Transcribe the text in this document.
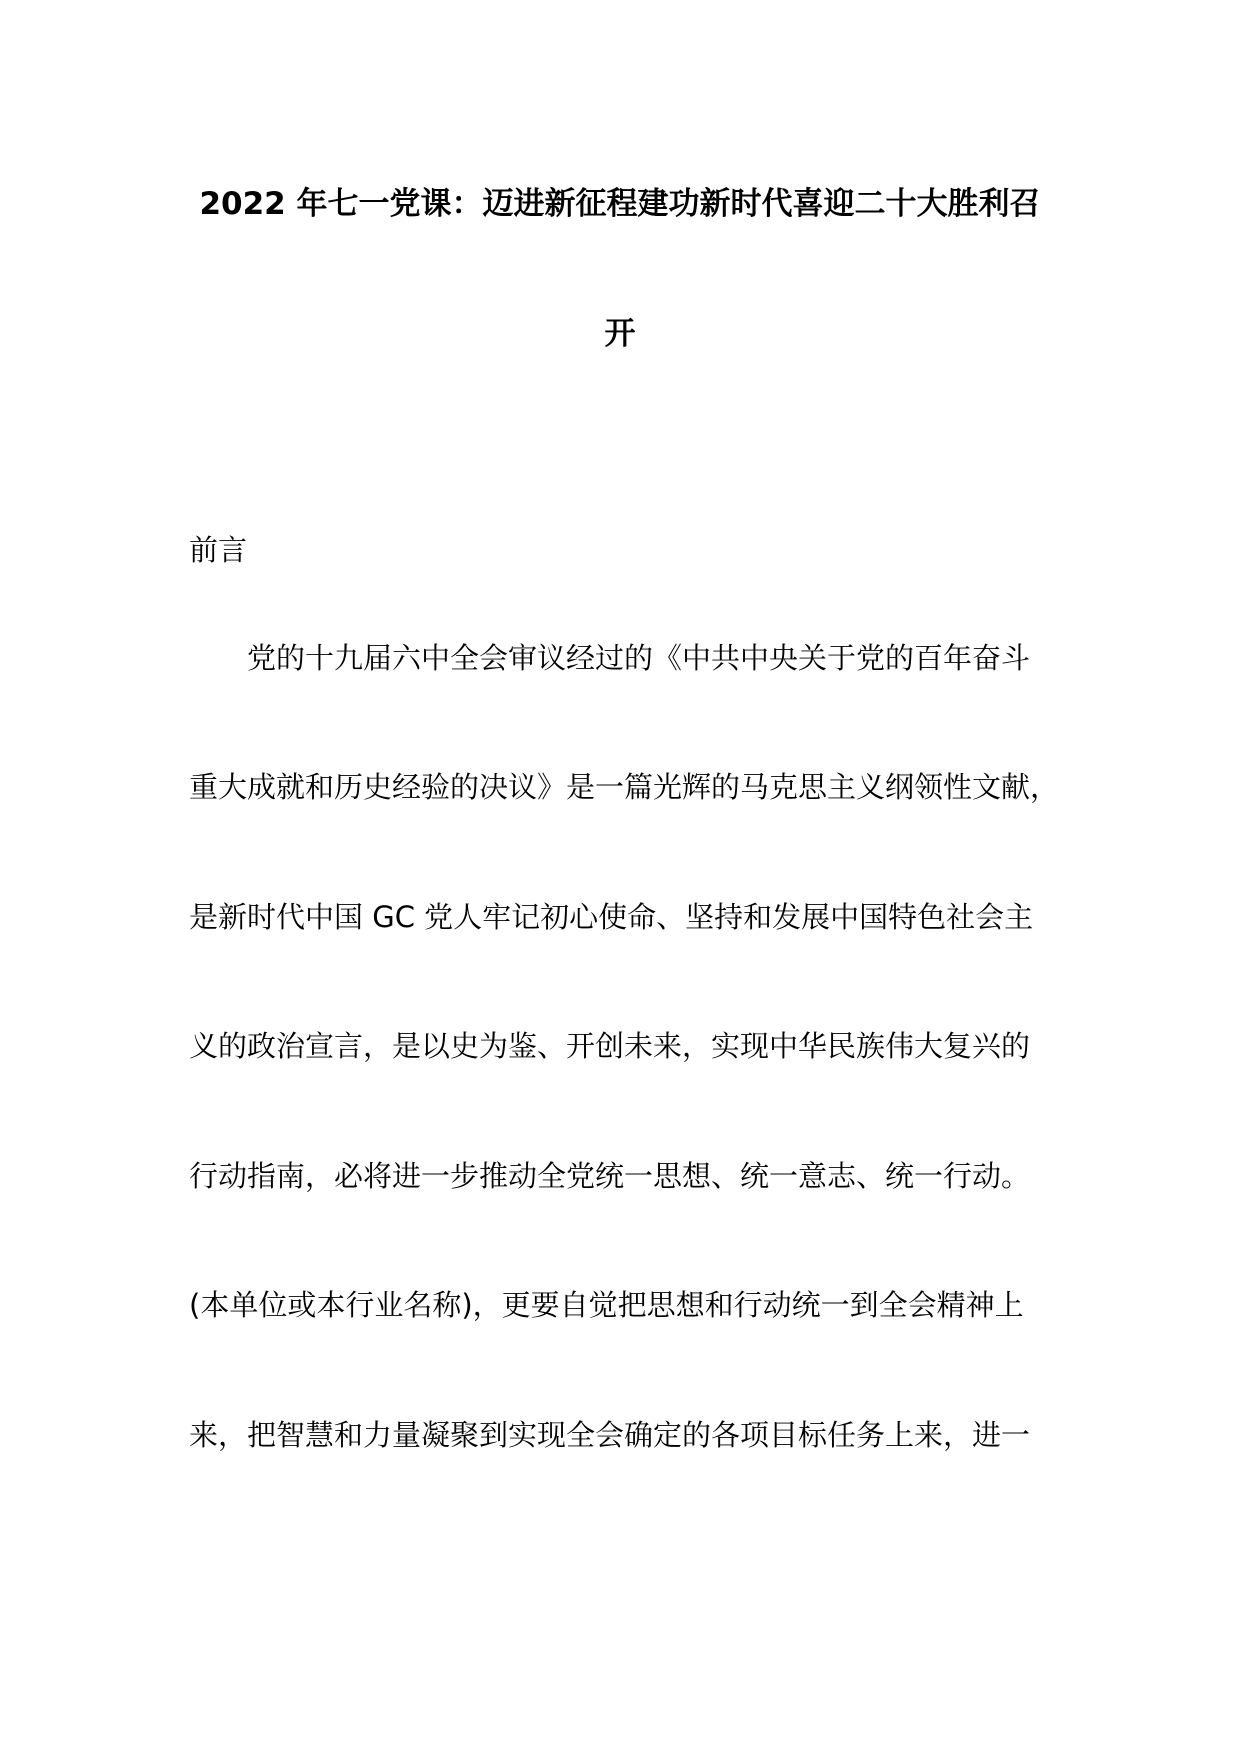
2022 年七一党课：迈进新征程建功新时代喜迎二十大胜利召
开
前言
党的十九届六中全会审议经过的《中共中央关于党的百年奋斗
重大成就和历史经验的决议》是一篇光辉的马克思主义纲领性文献，
是新时代中国 GC 党人牢记初心使命、坚持和发展中国特色社会主
义的政治宣言，是以史为鉴、开创未来，实现中华民族伟大复兴的
行动指南，必将进一步推动全党统一思想、统一意志、统一行动。
(本单位或本行业名称)，更要自觉把思想和行动统一到全会精神上
来，把智慧和力量凝聚到实现全会确定的各项目标任务上来，进一
